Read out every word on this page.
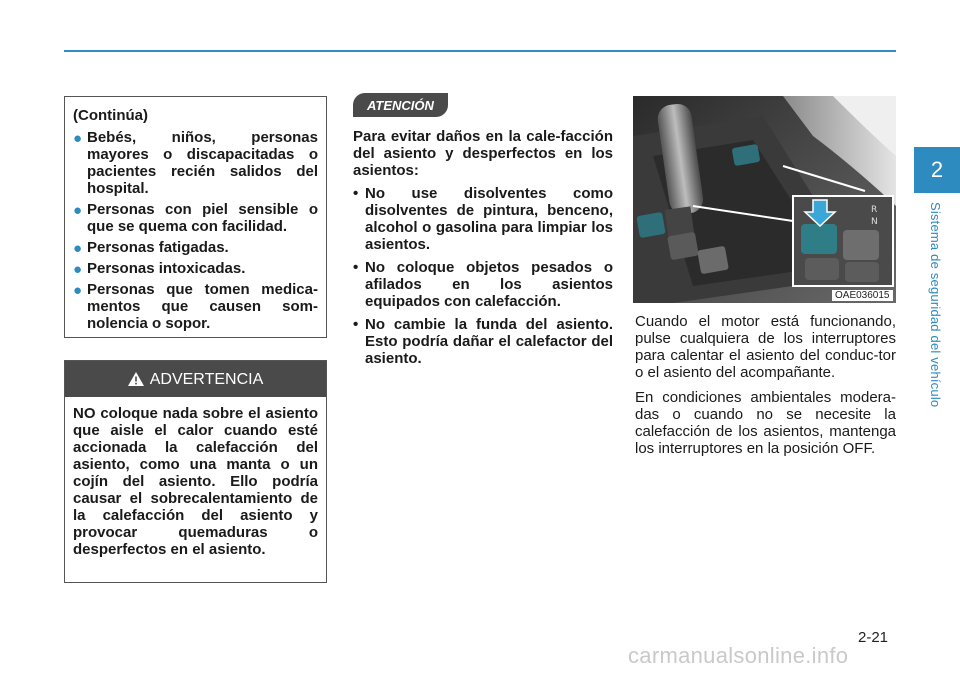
2
Sistema de seguridad del vehículo
(Continúa)
● Bebés, niños, personas mayores o discapacitadas o pacientes recién salidos del hospital.
● Personas con piel sensible o que se quema con facilidad.
● Personas fatigadas.
● Personas intoxicadas.
● Personas que tomen medica-mentos que causen som-nolencia o sopor.
ADVERTENCIA
NO coloque nada sobre el asiento que aisle el calor cuando esté accionada la calefacción del asiento, como una manta o un cojín del asiento. Ello podría causar el sobrecalentamiento de la calefacción del asiento y provocar quemaduras o desperfectos en el asiento.
ATENCIÓN

Para evitar daños en la cale-facción del asiento y desperfectos en los asientos:

• No use disolventes como disolventes de pintura, benceno, alcohol o gasolina para limpiar los asientos.
• No coloque objetos pesados o afilados en los asientos equipados con calefacción.
• No cambie la funda del asiento. Esto podría dañar el calefactor del asiento.
R
N
OAE036015

Cuando el motor está funcionando, pulse cualquiera de los interruptores para calentar el asiento del conduc-tor o el asiento del acompañante.

En condiciones ambientales modera-das o cuando no se necesite la calefacción de los asientos, mantenga los interruptores en la posición OFF.

2-21
carmanualsonline.info
